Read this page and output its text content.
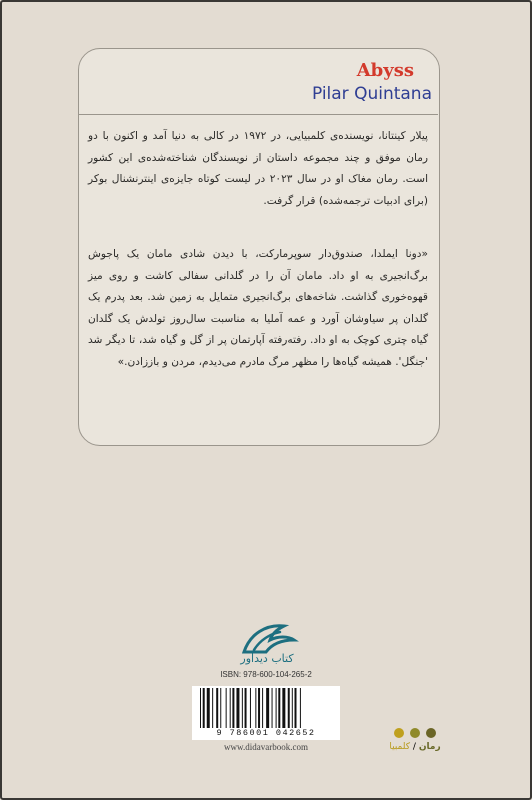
Abyss
Pilar Quintana
پیلار کینتانا، نویسنده‌ی کلمبیایی، در ۱۹۷۲ در کالی به دنیا آمد و اکنون با دو رمان موفق و چند مجموعه داستان از نویسندگان شناخته‌شده‌ی این کشور است. رمان مغاک او در سال ۲۰۲۳ در لیست کوتاه جایزه‌ی اینترنشنال بوکر (برای ادبیات ترجمه‌شده) قرار گرفت.
«دونا ایملدا، صندوق‌دار سوپرمارکت، با دیدن شادی مامان یک پاجوش برگ‌انجیری به او داد. مامان آن را در گلدانی سفالی کاشت و روی میز قهوه‌خوری گذاشت. شاخه‌های برگ‌انجیری متمایل به زمین شد. بعد پدرم یک گلدان پر سیاوشان آورد و عمه آملیا به مناسبت سال‌روز تولدش یک گلدان گیاه چتری کوچک به او داد. رفته‌رفته آپارتمان پر از گل و گیاه شد، تا دیگر شد 'جنگل'. همیشه گیاه‌ها را مظهر مرگ مادرم می‌دیدم، مردن و باززادن.»
کتاب دیدآور
ISBN: 978-600-104-265-2
9 786001 042652
www.didavarbook.com	رمان / کلمبیا
